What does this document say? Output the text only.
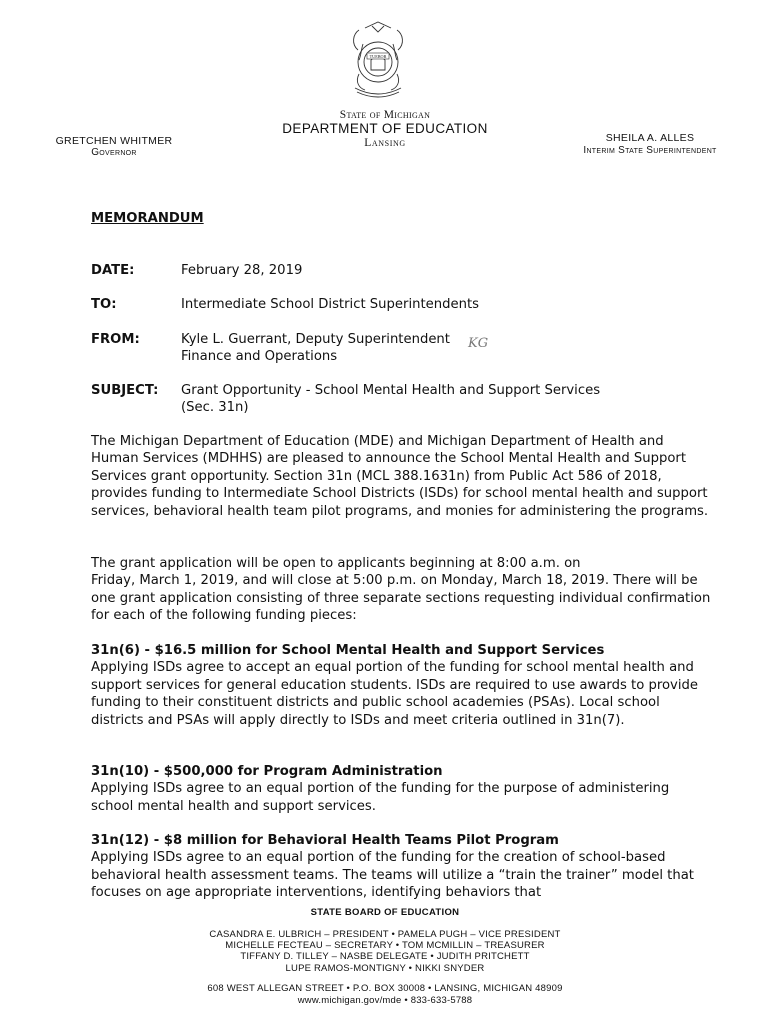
TUEBOR
State of Michigan
DEPARTMENT OF EDUCATION
Lansing
GRETCHEN WHITMER
Governor
SHEILA A. ALLES
Interim State Superintendent
MEMORANDUM
DATE:	February 28, 2019
TO:	Intermediate School District Superintendents
FROM:	Kyle L. Guerrant, Deputy Superintendent
Finance and Operations
KG
SUBJECT: Grant Opportunity - School Mental Health and Support Services
(Sec. 31n)

The Michigan Department of Education (MDE) and Michigan Department of Health and Human Services (MDHHS) are pleased to announce the School Mental Health and Support Services grant opportunity. Section 31n (MCL 388.1631n) from Public Act 586 of 2018, provides funding to Intermediate School Districts (ISDs) for school mental health and support services, behavioral health team pilot programs, and monies for administering the programs.

The grant application will be open to applicants beginning at 8:00 a.m. on
Friday, March 1, 2019, and will close at 5:00 p.m. on Monday, March 18, 2019. There will be one grant application consisting of three separate sections requesting individual confirmation for each of the following funding pieces:
31n(6) - $16.5 million for School Mental Health and Support Services
Applying ISDs agree to accept an equal portion of the funding for school mental health and support services for general education students. ISDs are required to use awards to provide funding to their constituent districts and public school academies (PSAs). Local school districts and PSAs will apply directly to ISDs and meet criteria outlined in 31n(7).
31n(10) - $500,000 for Program Administration
Applying ISDs agree to an equal portion of the funding for the purpose of administering school mental health and support services.
31n(12) - $8 million for Behavioral Health Teams Pilot Program
Applying ISDs agree to an equal portion of the funding for the creation of school-based behavioral health assessment teams. The teams will utilize a “train the trainer” model that focuses on age appropriate interventions, identifying behaviors that
STATE BOARD OF EDUCATION
CASANDRA E. ULBRICH – PRESIDENT • PAMELA PUGH – VICE PRESIDENT
MICHELLE FECTEAU – SECRETARY • TOM MCMILLIN – TREASURER
TIFFANY D. TILLEY – NASBE DELEGATE • JUDITH PRITCHETT
LUPE RAMOS-MONTIGNY • NIKKI SNYDER
608 WEST ALLEGAN STREET • P.O. BOX 30008 • LANSING, MICHIGAN 48909
www.michigan.gov/mde • 833-633-5788
